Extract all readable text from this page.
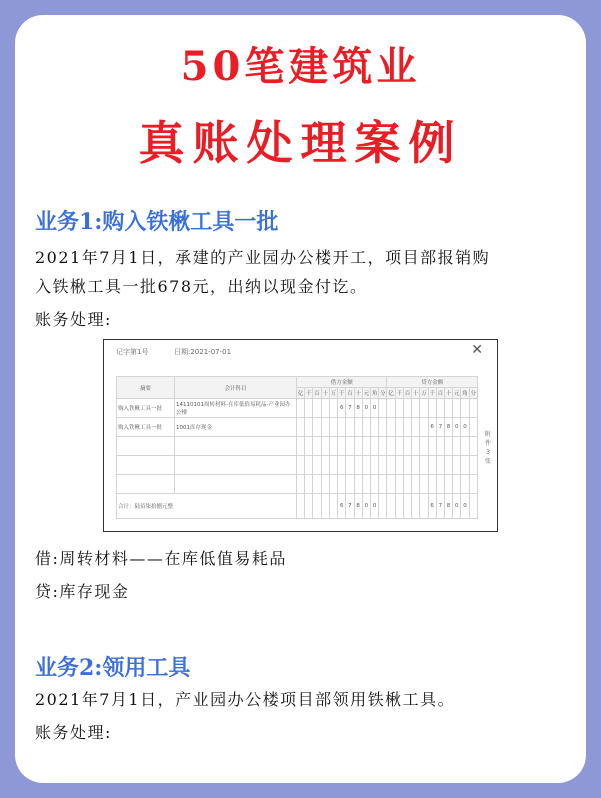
50笔建筑业
真账处理案例
业务1:购入铁楸工具一批
2021年7月1日，承建的产业园办公楼开工，项目部报销购
入铁楸工具一批678元，出纳以现金付讫。
账务处理:
记字第1号	日期:2021-07-01	✕
摘要	会计科目	借方金额											贷方金额										
		亿	千	百	十	万	千	百	十	元	角	分	亿	千	百	十	万	千	百	十	元	角	分
购入铁楸工具一批	14110101周转材料-在库低值易耗品-产业园办公楼						6	7	8	0	0												
购入铁楸工具一批	1001库存现金																	6	7	8	0	0	

合计：陆佰柒拾捌元整							6	7	8	0	0							6	7	8	0	0	
附
件
3
张
借:周转材料——在库低值易耗品
贷:库存现金
业务2:领用工具
2021年7月1日，产业园办公楼项目部领用铁楸工具。
账务处理:
